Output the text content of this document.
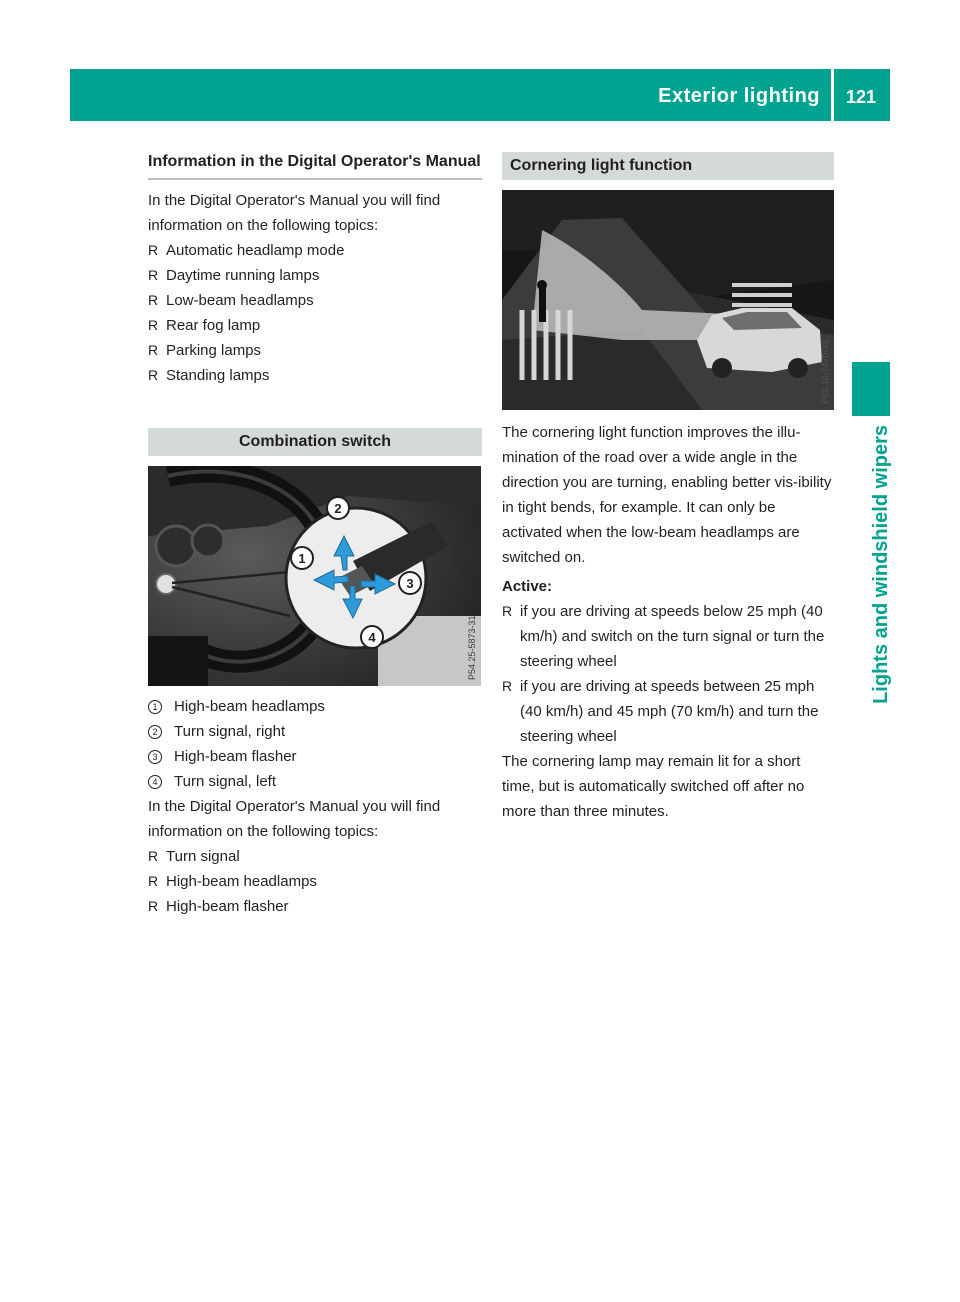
Exterior lighting	121
Lights and windshield wipers
Information in the Digital Operator's Manual

In the Digital Operator's Manual you will find information on the following topics:

R Automatic headlamp mode
R Daytime running lamps
R Low-beam headlamps
R Rear fog lamp
R Parking lamps
R Standing lamps
Combination switch
2
1
3
4	P54.25-5873-31
1	High-beam headlamps
2	Turn signal, right
3	High-beam flasher
4	Turn signal, left

In the Digital Operator's Manual you will find information on the following topics:

R Turn signal
R High-beam headlamps
R High-beam flasher
Cornering light function
P82.10-7470-31

The cornering light function improves the illu-mination of the road over a wide angle in the direction you are turning, enabling better vis-ibility in tight bends, for example. It can only be activated when the low-beam headlamps are switched on.

Active:

R if you are driving at speeds below 25 mph (40 km/h) and switch on the turn signal or turn the steering wheel
R if you are driving at speeds between 25 mph (40 km/h) and 45 mph (70 km/h) and turn the steering wheel

The cornering lamp may remain lit for a short time, but is automatically switched off after no more than three minutes.
